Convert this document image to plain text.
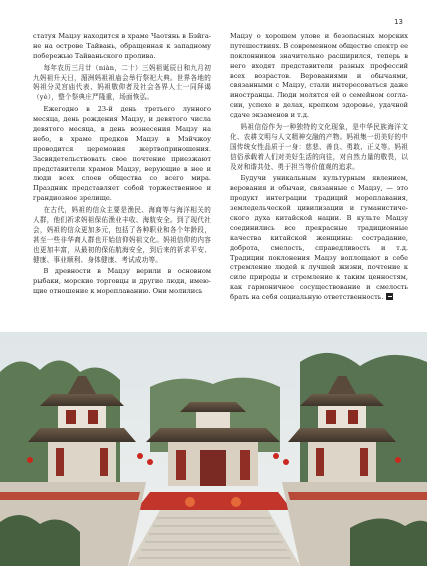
13

статуя Мацзу находится в храме Чаотянь в Бэйга-не на острове Тайвань, обращенная к западному побережью Тайваньского пролива.

每年农历三月廿（niàn，二十）三妈祖诞辰日和九月初九妈祖升天日，湄洲妈祖祖庙会举行祭祀大典。世界各地的妈祖分灵宫庙代表、妈祖敬仰者及社会各界人士一同拜谒（yè），整个祭典庄严隆重，场面恢弘。

Ежегодно в 23-й день третьего лунного месяца, день рождения Мацзу, и девятого числа девятого месяца, в день вознесения Мацзу на небо, в храме предков Мацзу в Мэйчжоу проводится церемония жертвоприношения. Засвидетельствовать свое почтение приезжают представители храмов Мацзу, верующие в нее и люди всех слоев общества со всего мира. Праздник представляет собой торжественное и грандиозное зрелище.

在古代，妈祖的信众主要是渔民、海商等与海洋相关的人群，他们祈求妈祖保佑渔业丰收、海航安全。到了现代社会，妈祖的信众更加多元，包括了各种职业和各个年龄段，甚至一些非华裔人群也开始信仰妈祖文化。妈祖信仰的内容也更加丰富，从最初的保佑航海安全，到后来的祈求平安、健康、事业顺利、身体健康、考试成功等。

В древности в Мацзу верили в основном рыбаки, морские торговцы и другие люди, имею-щие отношение к мореплаванию. Они молились

Мацзу о хорошем улове и безопасных морских путешествиях. В современном обществе спектр ее поклонников значительно расширился, теперь в него входят представители разных профессий всех возрастов. Верованиями и обычаями, связанными с Мацзу, стали интересоваться даже иностранцы. Люди молятся ей о семейном согла-сии, успехе в делах, крепком здоровье, удачной сдаче экзаменов и т.д.

妈祖信俗作为一种独特的文化现象，是中华民族海洋文化、农耕文明与人文精神交融的产物。妈祖集一切美好的中国传统女性品质于一身：慈悲、善良、勇敢、正义等。妈祖信俗承载着人们对美好生活的向往，对自然力量的敬畏，以及对和谐共处、勇于担当等价值观的追求。

Будучи уникальным культурным явлением, верования и обычаи, связанные с Мацзу, — это продукт интеграции традиций мореплавания, земледельческой цивилизации и гуманистиче-ского духа китайской нации. В культе Мацзу соединились все прекрасные традиционные качества китайской женщины: сострадание, доброта, смелость, справедливость и т.д. Традиции поклонения Мацзу воплощают в себе стремление людей к лучшей жизни, почтение к силе природы и стремление к таким ценностям, как гармоничное сосуществование и смелость брать на себя социальную ответственность.
